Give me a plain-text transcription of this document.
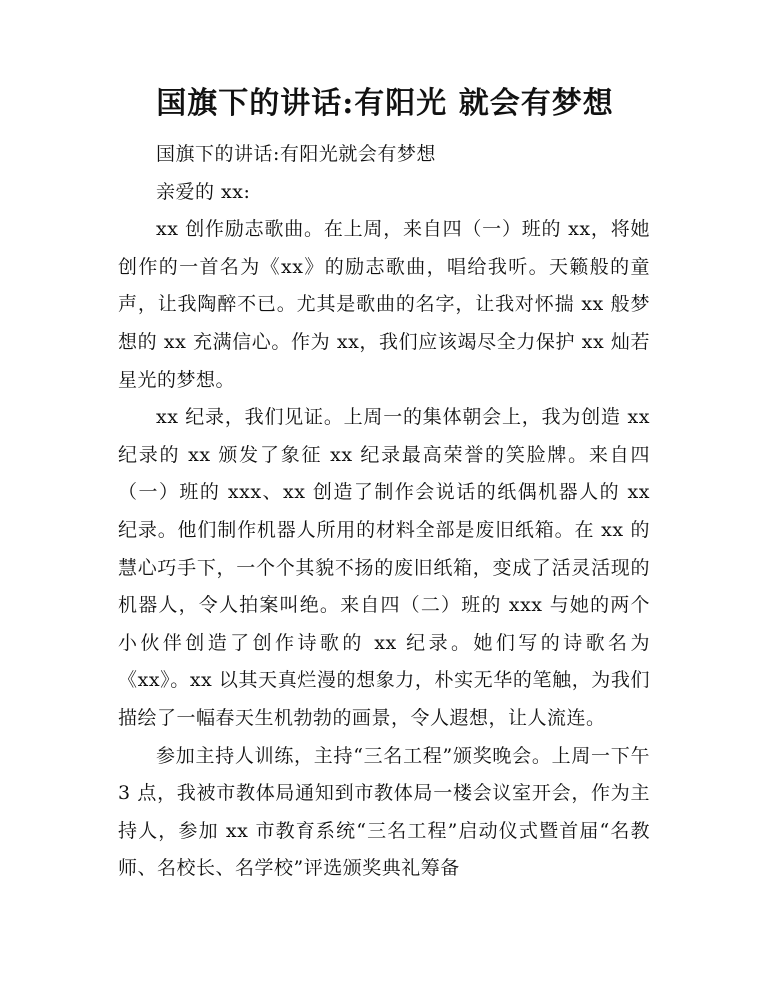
国旗下的讲话:有阳光 就会有梦想

国旗下的讲话:有阳光就会有梦想

亲爱的 xx:

xx 创作励志歌曲。在上周，来自四（一）班的 xx，将她创作的一首名为《xx》的励志歌曲，唱给我听。天籁般的童声，让我陶醉不已。尤其是歌曲的名字，让我对怀揣 xx 般梦想的 xx 充满信心。作为 xx，我们应该竭尽全力保护 xx 灿若星光的梦想。

xx 纪录，我们见证。上周一的集体朝会上，我为创造 xx 纪录的 xx 颁发了象征 xx 纪录最高荣誉的笑脸牌。来自四（一）班的 xxx、xx 创造了制作会说话的纸偶机器人的 xx 纪录。他们制作机器人所用的材料全部是废旧纸箱。在 xx 的慧心巧手下，一个个其貌不扬的废旧纸箱，变成了活灵活现的机器人，令人拍案叫绝。来自四（二）班的 xxx 与她的两个小伙伴创造了创作诗歌的 xx 纪录。她们写的诗歌名为《xx》。xx 以其天真烂漫的想象力，朴实无华的笔触，为我们描绘了一幅春天生机勃勃的画景，令人遐想，让人流连。

参加主持人训练，主持“三名工程”颁奖晚会。上周一下午 3 点，我被市教体局通知到市教体局一楼会议室开会，作为主持人，参加 xx 市教育系统“三名工程”启动仪式暨首届“名教师、名校长、名学校”评选颁奖典礼筹备
